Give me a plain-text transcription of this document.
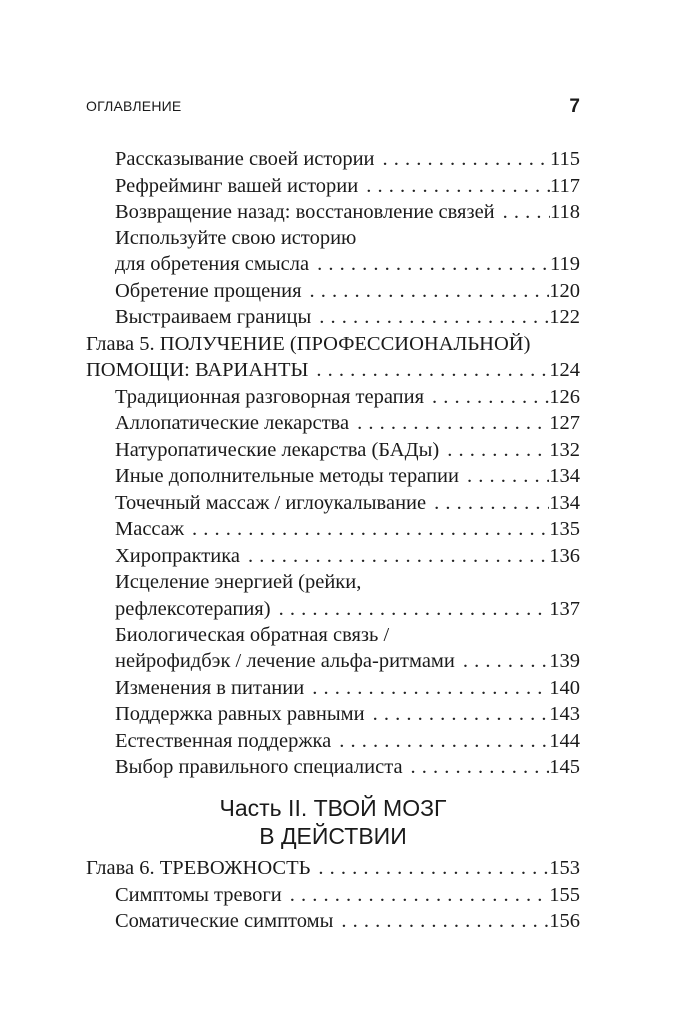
ОГЛАВЛЕНИЕ	7
Рассказывание своей истории . . .	115
Рефрейминг вашей истории . . .	117
Возвращение назад: восстановление связей . . .	118
Используйте свою историю
для обретения смысла . . .	119
Обретение прощения . . .	120
Выстраиваем границы . . .	122
Глава 5. ПОЛУЧЕНИЕ (ПРОФЕССИОНАЛЬНОЙ)
ПОМОЩИ: ВАРИАНТЫ . . .	124
Традиционная разговорная терапия . . .	126
Аллопатические лекарства . . .	127
Натуропатические лекарства (БАДы) . . .	132
Иные дополнительные методы терапии . . .	134
Точечный массаж / иглоукалывание . . .	134
Массаж . . .	135
Хиропрактика . . .	136
Исцеление энергией (рейки,
рефлексотерапия) . . .	137
Биологическая обратная связь /
нейрофидбэк / лечение альфа-ритмами . . .	139
Изменения в питании . . .	140
Поддержка равных равными . . .	143
Естественная поддержка . . .	144
Выбор правильного специалиста . . .	145
Часть II. ТВОЙ МОЗГ
В ДЕЙСТВИИ
Глава 6. ТРЕВОЖНОСТЬ . . .	153
Симптомы тревоги . . .	155
Соматические симптомы . . .	156
